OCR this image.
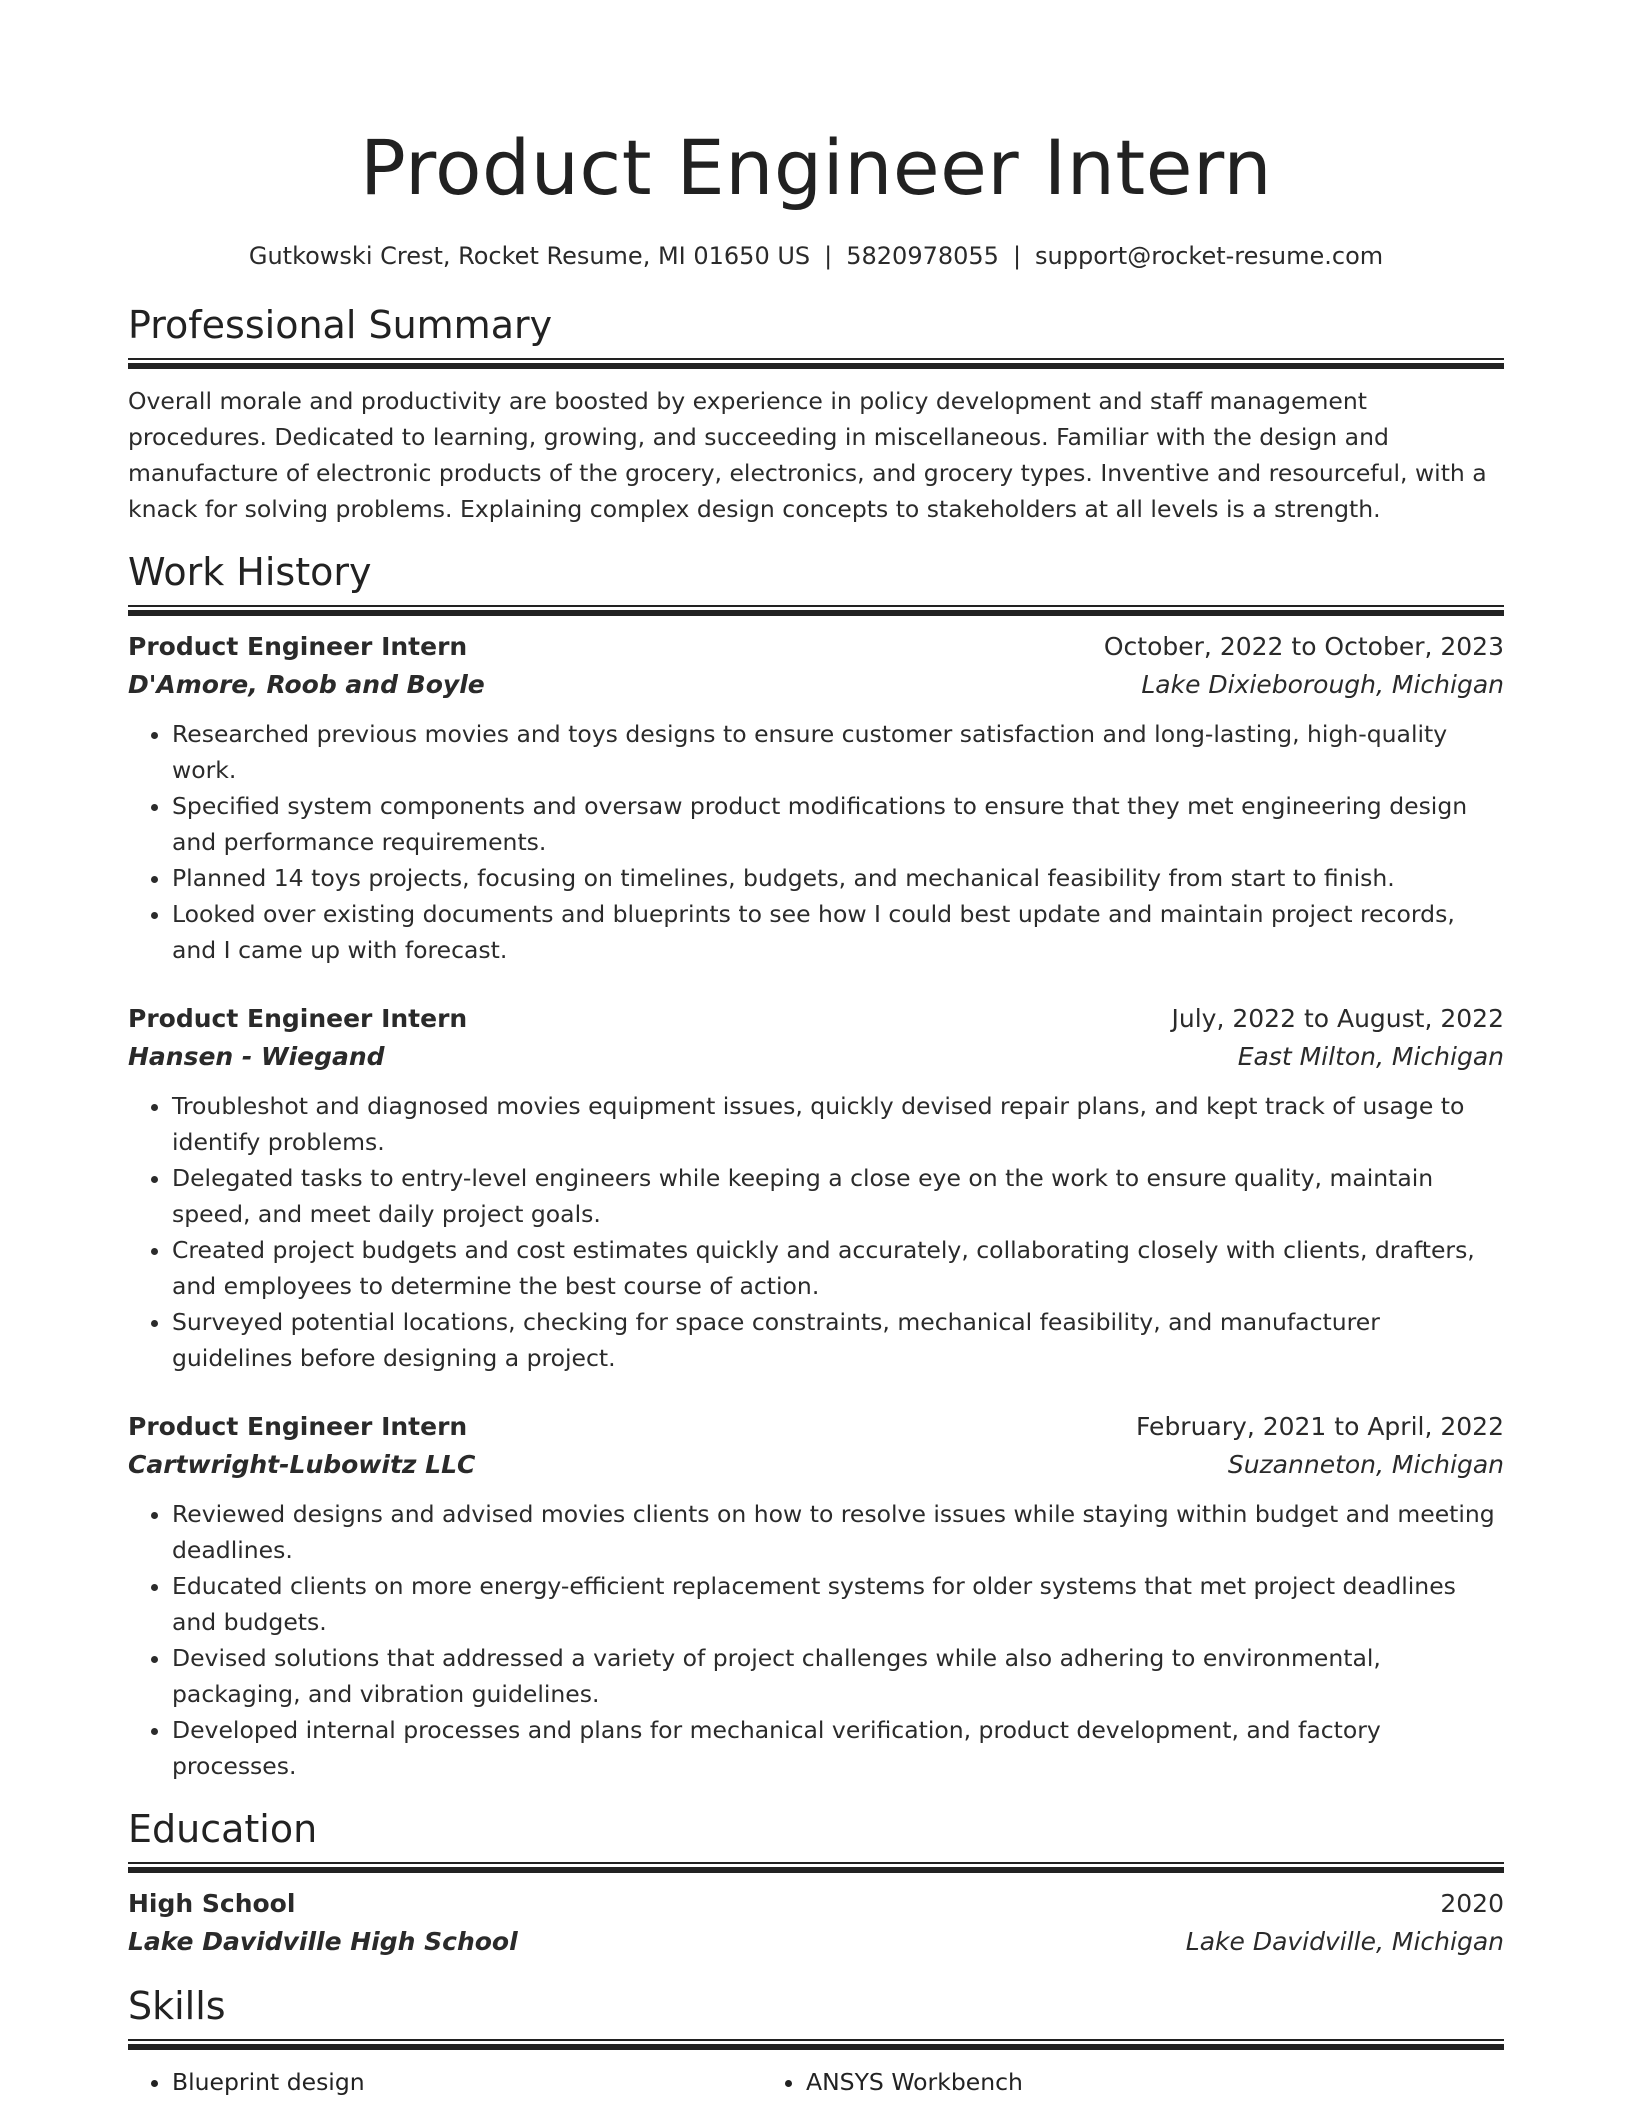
Product Engineer Intern
Gutkowski Crest, Rocket Resume, MI 01650 US | 5820978055 | support@rocket-resume.com
Professional Summary

Overall morale and productivity are boosted by experience in policy development and staff management procedures. Dedicated to learning, growing, and succeeding in miscellaneous. Familiar with the design and manufacture of electronic products of the grocery, electronics, and grocery types. Inventive and resourceful, with a knack for solving problems. Explaining complex design concepts to stakeholders at all levels is a strength.

Work History
Product Engineer Intern	October, 2022 to October, 2023
D'Amore, Roob and Boyle	Lake Dixieborough, Michigan
• Researched previous movies and toys designs to ensure customer satisfaction and long-lasting, high-quality work.
• Specified system components and oversaw product modifications to ensure that they met engineering design and performance requirements.
• Planned 14 toys projects, focusing on timelines, budgets, and mechanical feasibility from start to finish.
• Looked over existing documents and blueprints to see how I could best update and maintain project records, and I came up with forecast.
Product Engineer Intern	July, 2022 to August, 2022
Hansen - Wiegand	East Milton, Michigan
• Troubleshot and diagnosed movies equipment issues, quickly devised repair plans, and kept track of usage to identify problems.
• Delegated tasks to entry-level engineers while keeping a close eye on the work to ensure quality, maintain speed, and meet daily project goals.
• Created project budgets and cost estimates quickly and accurately, collaborating closely with clients, drafters, and employees to determine the best course of action.
• Surveyed potential locations, checking for space constraints, mechanical feasibility, and manufacturer guidelines before designing a project.
Product Engineer Intern	February, 2021 to April, 2022
Cartwright-Lubowitz LLC	Suzanneton, Michigan
• Reviewed designs and advised movies clients on how to resolve issues while staying within budget and meeting deadlines.
• Educated clients on more energy-efficient replacement systems for older systems that met project deadlines and budgets.
• Devised solutions that addressed a variety of project challenges while also adhering to environmental, packaging, and vibration guidelines.
• Developed internal processes and plans for mechanical verification, product development, and factory processes.
Education
High School	2020
Lake Davidville High School	Lake Davidville, Michigan
Skills
• Blueprint design
•	ANSYS Workbench
